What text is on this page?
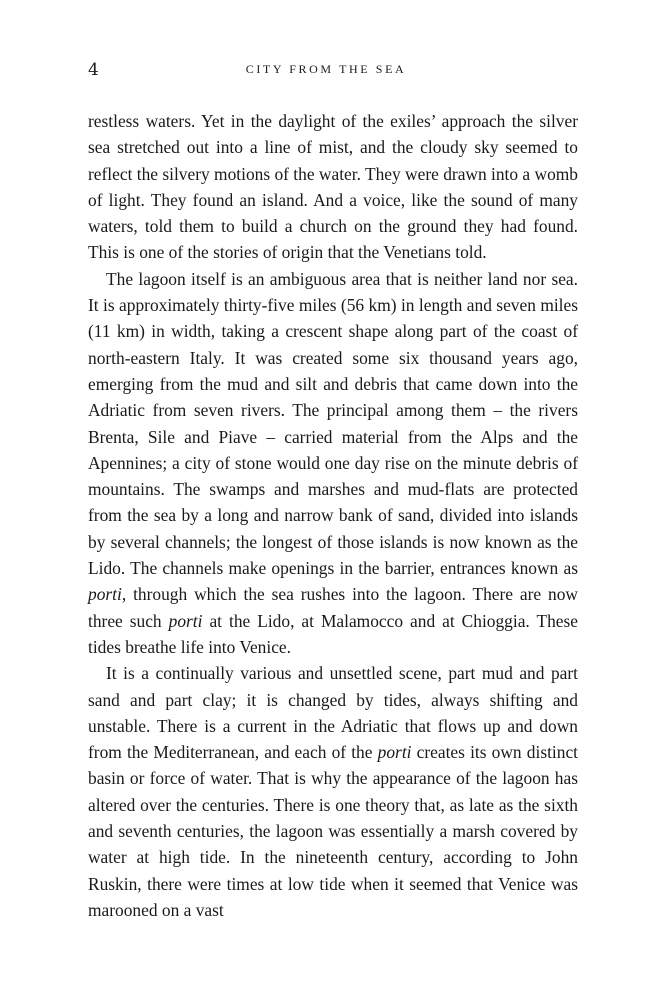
4	CITY FROM THE SEA

restless waters. Yet in the daylight of the exiles’ approach the silver sea stretched out into a line of mist, and the cloudy sky seemed to reflect the silvery motions of the water. They were drawn into a womb of light. They found an island. And a voice, like the sound of many waters, told them to build a church on the ground they had found. This is one of the stories of origin that the Venetians told.

The lagoon itself is an ambiguous area that is neither land nor sea. It is approximately thirty-five miles (56 km) in length and seven miles (11 km) in width, taking a crescent shape along part of the coast of north-eastern Italy. It was created some six thousand years ago, emerging from the mud and silt and debris that came down into the Adriatic from seven rivers. The principal among them – the rivers Brenta, Sile and Piave – carried material from the Alps and the Apennines; a city of stone would one day rise on the minute debris of mountains. The swamps and marshes and mud-flats are protected from the sea by a long and narrow bank of sand, divided into islands by several channels; the longest of those islands is now known as the Lido. The channels make openings in the barrier, entrances known as porti, through which the sea rushes into the lagoon. There are now three such porti at the Lido, at Malamocco and at Chioggia. These tides breathe life into Venice.

It is a continually various and unsettled scene, part mud and part sand and part clay; it is changed by tides, always shifting and unstable. There is a current in the Adriatic that flows up and down from the Mediterranean, and each of the porti creates its own distinct basin or force of water. That is why the appearance of the lagoon has altered over the centuries. There is one theory that, as late as the sixth and seventh centuries, the lagoon was essentially a marsh covered by water at high tide. In the nineteenth century, according to John Ruskin, there were times at low tide when it seemed that Venice was marooned on a vast
